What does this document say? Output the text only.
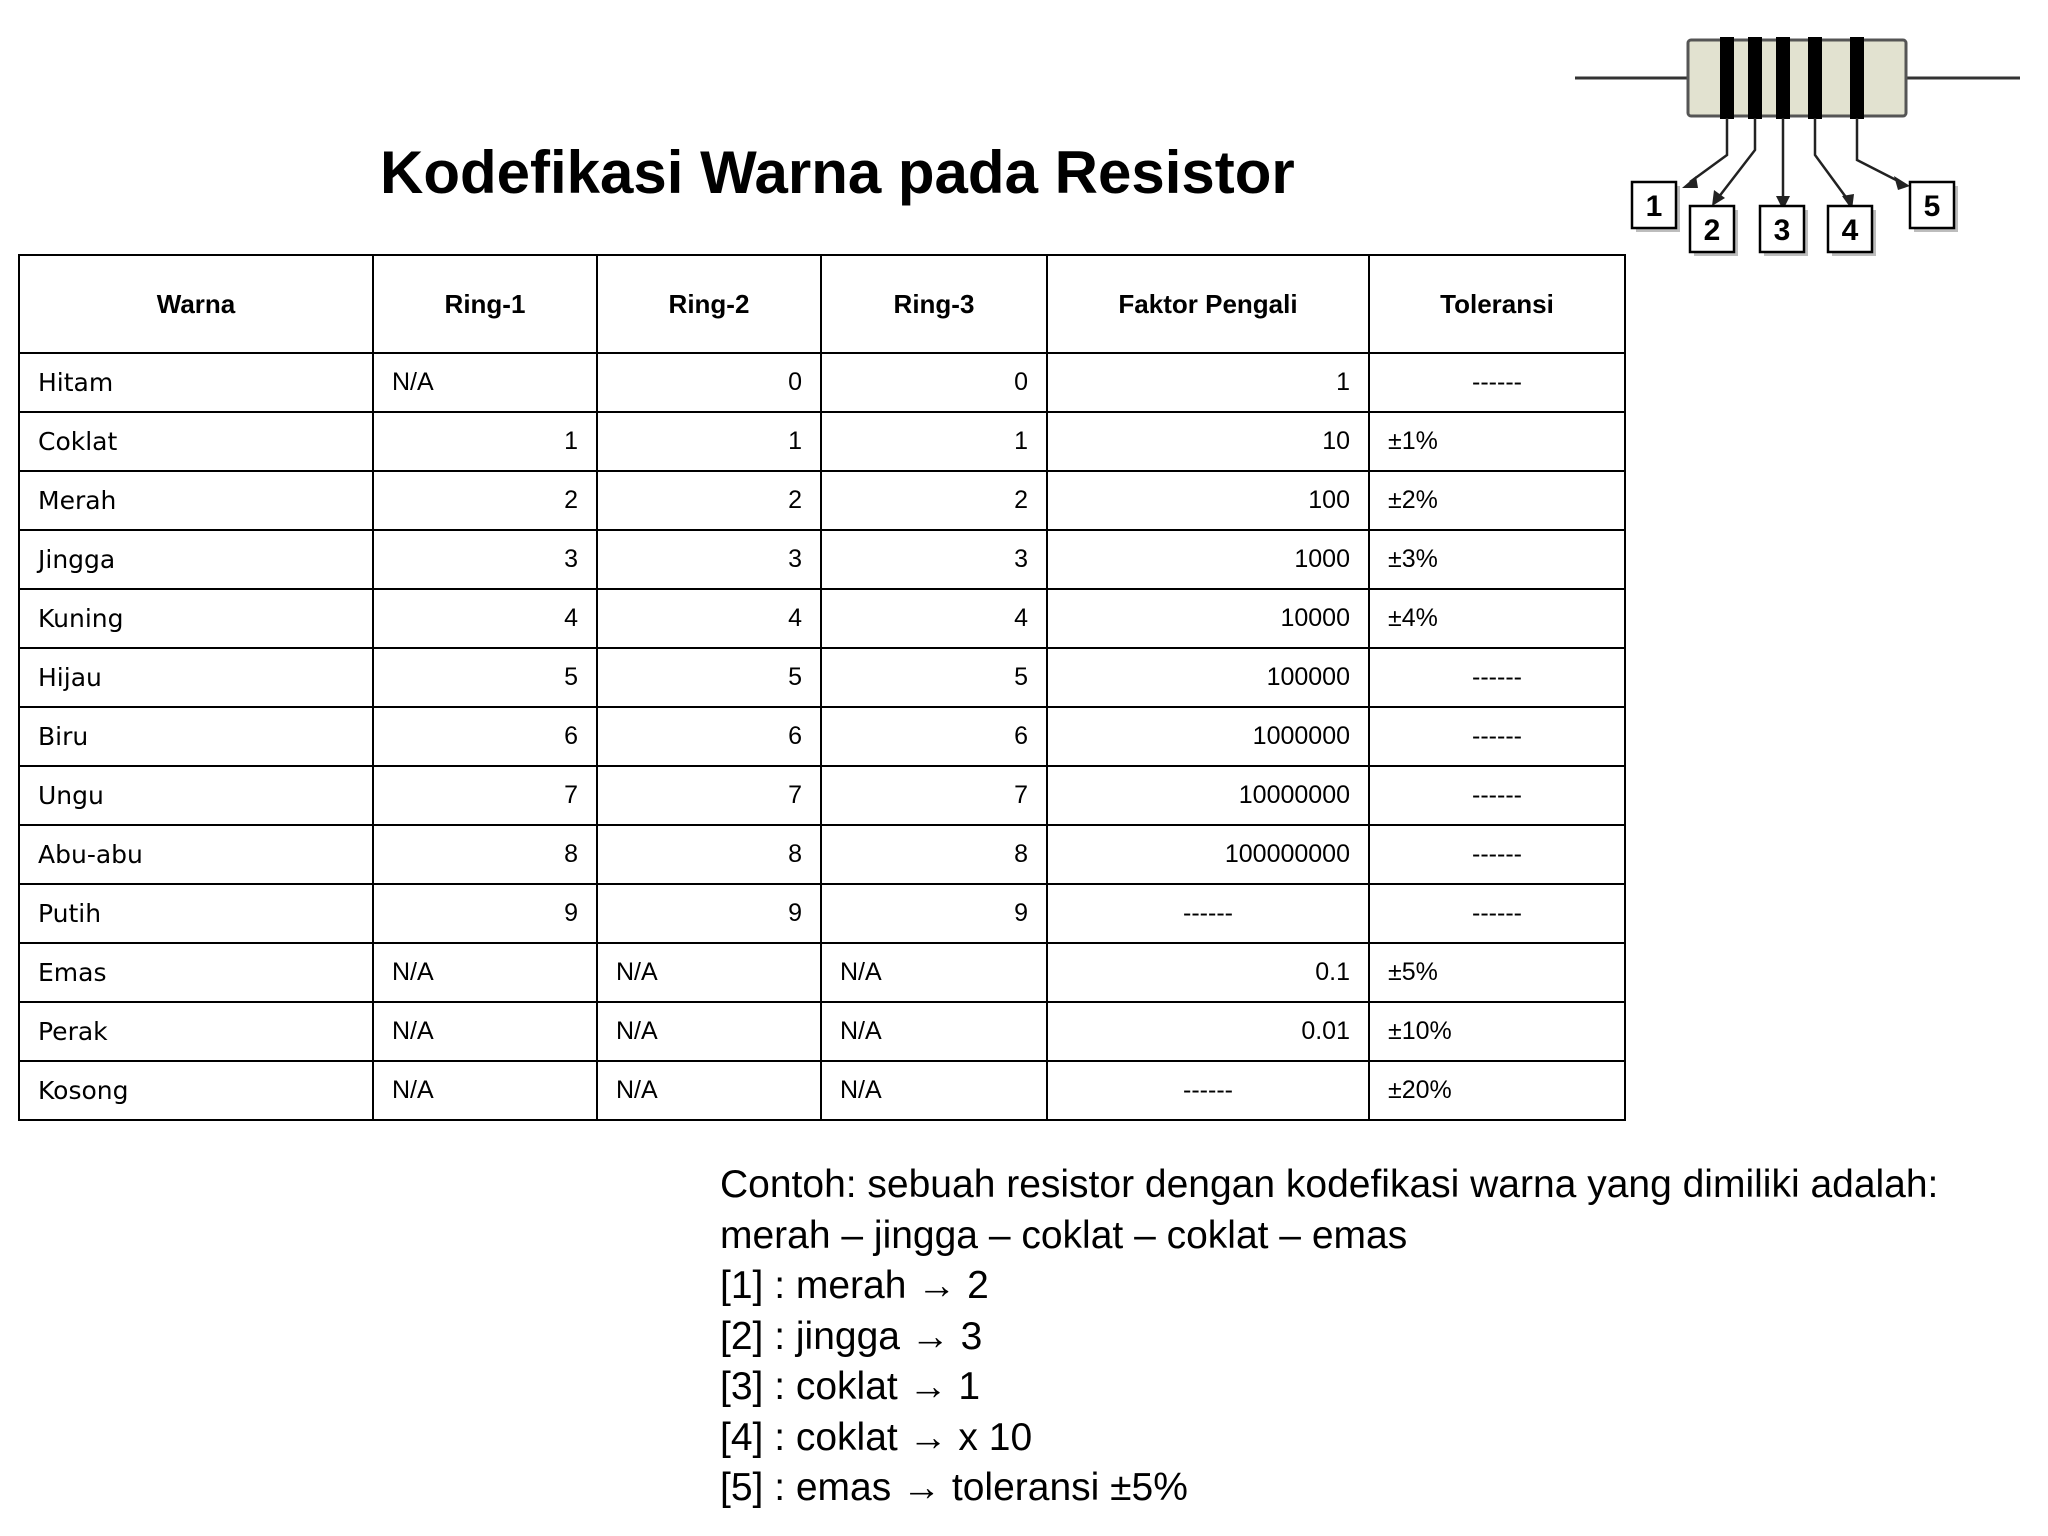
Kodefikasi Warna pada Resistor
1
2 3 4
5
Warna	Ring-1	Ring-2	Ring-3	Faktor Pengali	Toleransi
Hitam	N/A	0	0	1	------
Coklat	1	1	1	10	±1%
Merah	2	2	2	100	±2%
Jingga	3	3	3	1000	±3%
Kuning	4	4	4	10000	±4%
Hijau	5	5	5	100000	------
Biru	6	6	6	1000000	------
Ungu	7	7	7	10000000	------
Abu-abu	8	8	8	100000000	------
Putih	9	9	9	------	------
Emas	N/A	N/A	N/A	0.1	±5%
Perak	N/A	N/A	N/A	0.01	±10%
Kosong	N/A	N/A	N/A	------	±20%
Contoh: sebuah resistor dengan kodefikasi warna yang dimiliki adalah:
merah – jingga – coklat – coklat – emas
[1] : merah → 2
[2] : jingga → 3
[3] : coklat → 1
[4] : coklat → x 10
[5] : emas → toleransi ±5%
